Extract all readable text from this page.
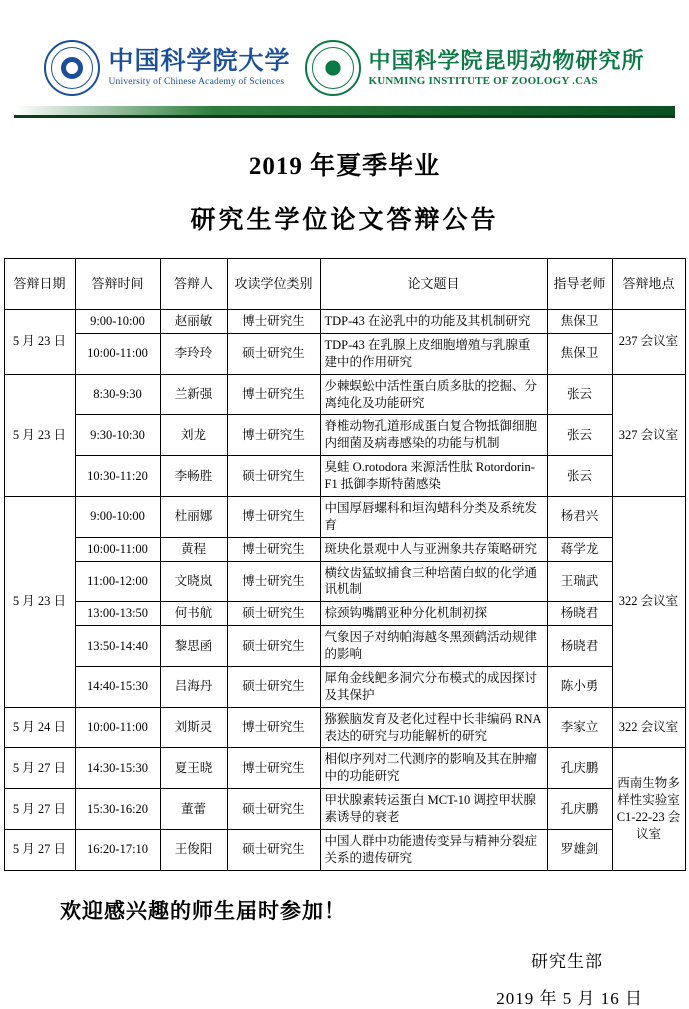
中国科学院大学
University of Chinese Academy of Sciences
中国科学院昆明动物研究所
KUNMING INSTITUTE OF ZOOLOGY .CAS
2019 年夏季毕业
研究生学位论文答辩公告
答辩日期	答辩时间	答辩人	攻读学位类别	论文题目	指导老师	答辩地点
5 月 23 日	9:00-10:00	赵丽敏	博士研究生	TDP-43 在泌乳中的功能及其机制研究	焦保卫	237 会议室
	10:00-11:00	李玲玲	硕士研究生	TDP-43 在乳腺上皮细胞增殖与乳腺重建中的作用研究	焦保卫	
5 月 23 日	8:30-9:30	兰新强	博士研究生	少棘蜈蚣中活性蛋白质多肽的挖掘、分离纯化及功能研究	张云	327 会议室
	9:30-10:30	刘龙	博士研究生	脊椎动物孔道形成蛋白复合物抵御细胞内细菌及病毒感染的功能与机制	张云	
	10:30-11:20	李畅胜	硕士研究生	臭蛙 O.rotodora 来源活性肽 Rotordorin-F1 抵御李斯特菌感染	张云	
5 月 23 日	9:00-10:00	杜丽娜	博士研究生	中国厚唇螺科和垣沟蜡科分类及系统发育	杨君兴	322 会议室
	10:00-11:00	黄程	博士研究生	斑块化景观中人与亚洲象共存策略研究	蒋学龙	
	11:00-12:00	文晓岚	博士研究生	横纹齿猛蚁捕食三种培菌白蚁的化学通讯机制	王瑞武	
	13:00-13:50	何书航	硕士研究生	棕颈钩嘴鹛亚种分化机制初探	杨晓君	
	13:50-14:40	黎思函	硕士研究生	气象因子对纳帕海越冬黑颈鹤活动规律的影响	杨晓君	
	14:40-15:30	吕海丹	硕士研究生	犀角金线鲃多洞穴分布模式的成因探讨及其保护	陈小勇	
5 月 24 日	10:00-11:00	刘斯灵	博士研究生	猕猴脑发育及老化过程中长非编码 RNA 表达的研究与功能解析的研究	李家立	322 会议室
5 月 27 日	14:30-15:30	夏王晓	博士研究生	相似序列对二代测序的影响及其在肿瘤中的功能研究	孔庆鹏	西南生物多样性实验室 C1-22-23 会议室
5 月 27 日	15:30-16:20	董蕾	硕士研究生	甲状腺素转运蛋白 MCT-10 调控甲状腺素诱导的衰老	孔庆鹏	
5 月 27 日	16:20-17:10	王俊阳	硕士研究生	中国人群中功能遗传变异与精神分裂症关系的遗传研究	罗雄剑	
欢迎感兴趣的师生届时参加！
研究生部
2019 年 5 月 16 日
